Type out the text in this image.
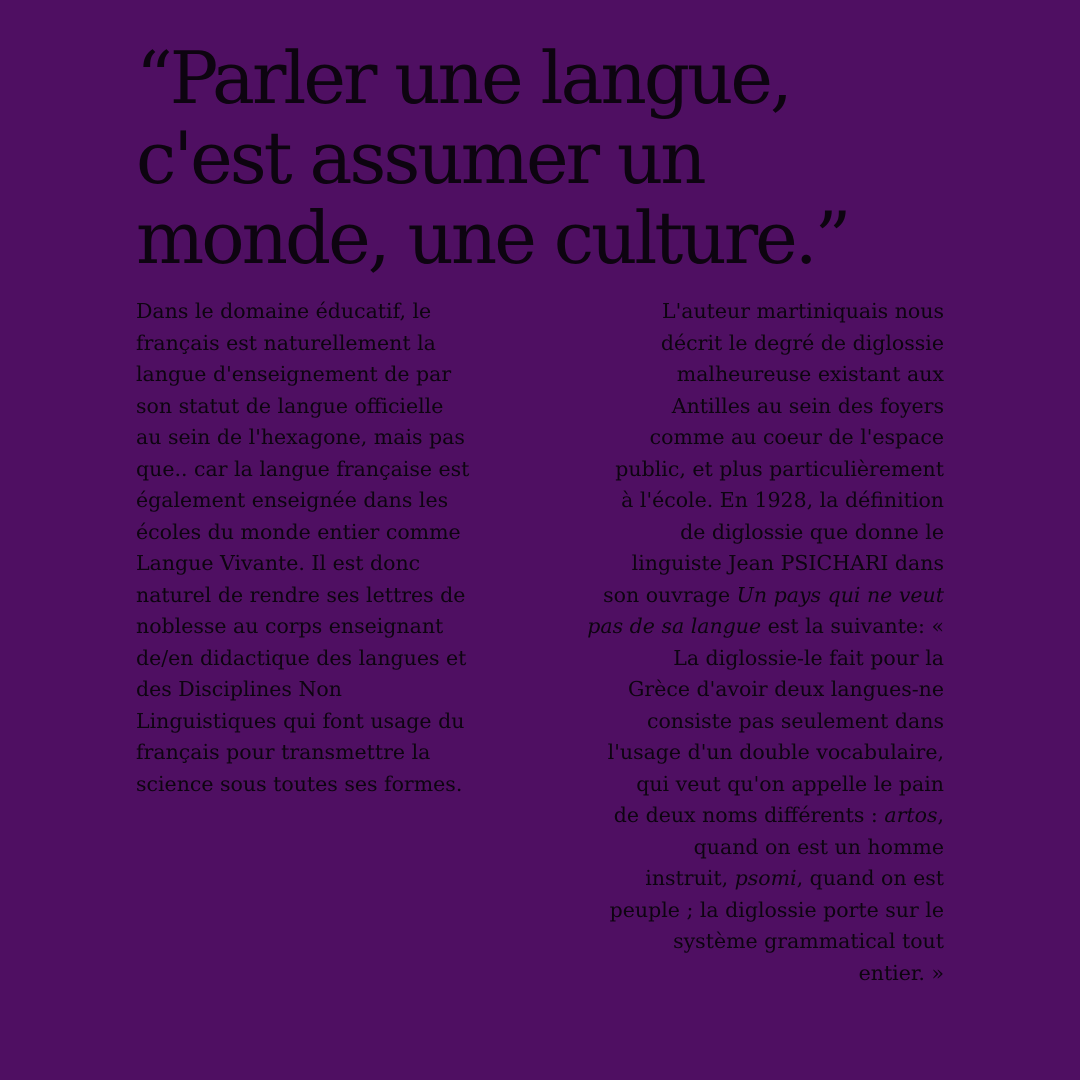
“Parler une langue,
c'est assumer un
monde, une culture.”
Dans le domaine éducatif, le
français est naturellement la
langue d'enseignement de par
son statut de langue officielle
au sein de l'hexagone, mais pas
que.. car la langue française est
également enseignée dans les
écoles du monde entier comme
Langue Vivante. Il est donc
naturel de rendre ses lettres de
noblesse au corps enseignant
de/en didactique des langues et
des Disciplines Non
Linguistiques qui font usage du
français pour transmettre la
science sous toutes ses formes.
L'auteur martiniquais nous
décrit le degré de diglossie
malheureuse existant aux
Antilles au sein des foyers
comme au coeur de l'espace
public, et plus particulièrement
à l'école. En 1928, la définition
de diglossie que donne le
linguiste Jean PSICHARI dans
son ouvrage Un pays qui ne veut
pas de sa langue est la suivante: «
La diglossie-le fait pour la
Grèce d'avoir deux langues-ne
consiste pas seulement dans
l'usage d'un double vocabulaire,
qui veut qu'on appelle le pain
de deux noms différents : artos,
quand on est un homme
instruit, psomi, quand on est
peuple ; la diglossie porte sur le
système grammatical tout
entier. »
